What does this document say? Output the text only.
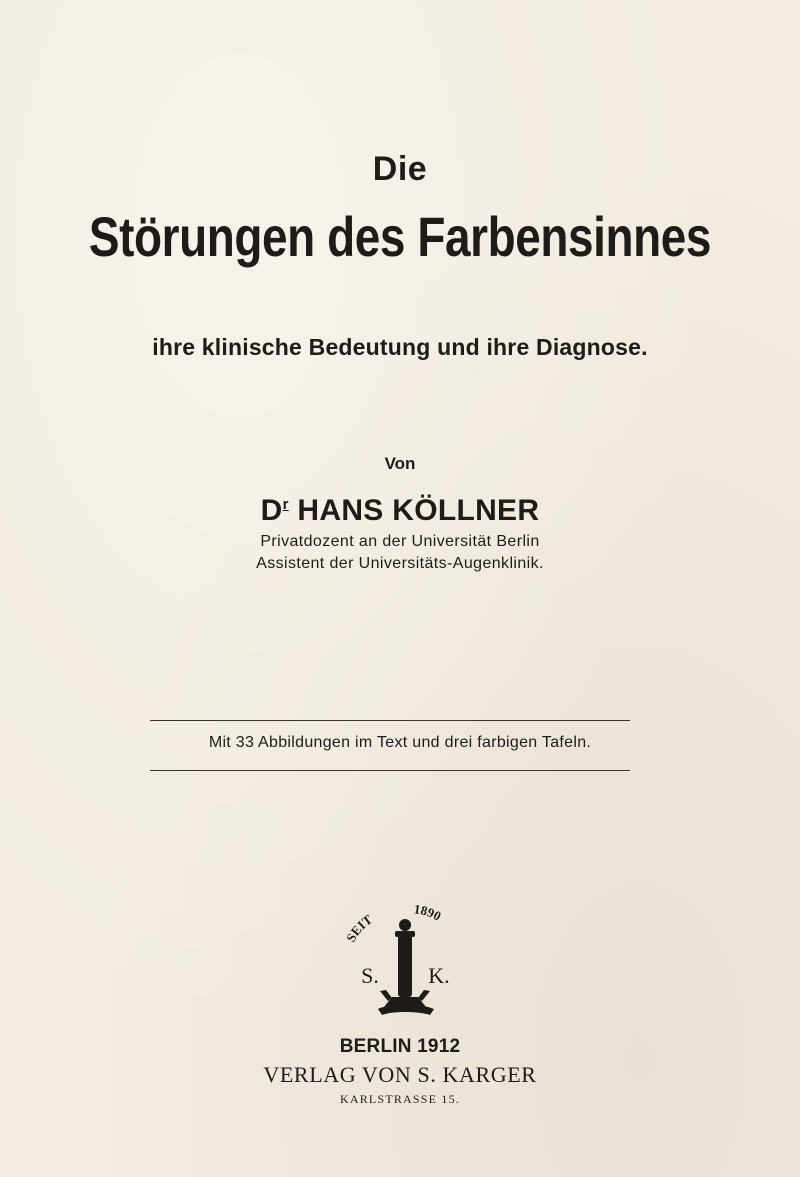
Die
Störungen des Farbensinnes
ihre klinische Bedeutung und ihre Diagnose.
Von
$D^r$ HANS KÖLLNER
Privatdozent an der Universität Berlin
Assistent der Universitäts-Augenklinik.
Mit 33 Abbildungen im Text und drei farbigen Tafeln.
SEIT
1890
S. K.
BERLIN 1912
VERLAG VON S. KARGER
KARLSTRASSE 15.
